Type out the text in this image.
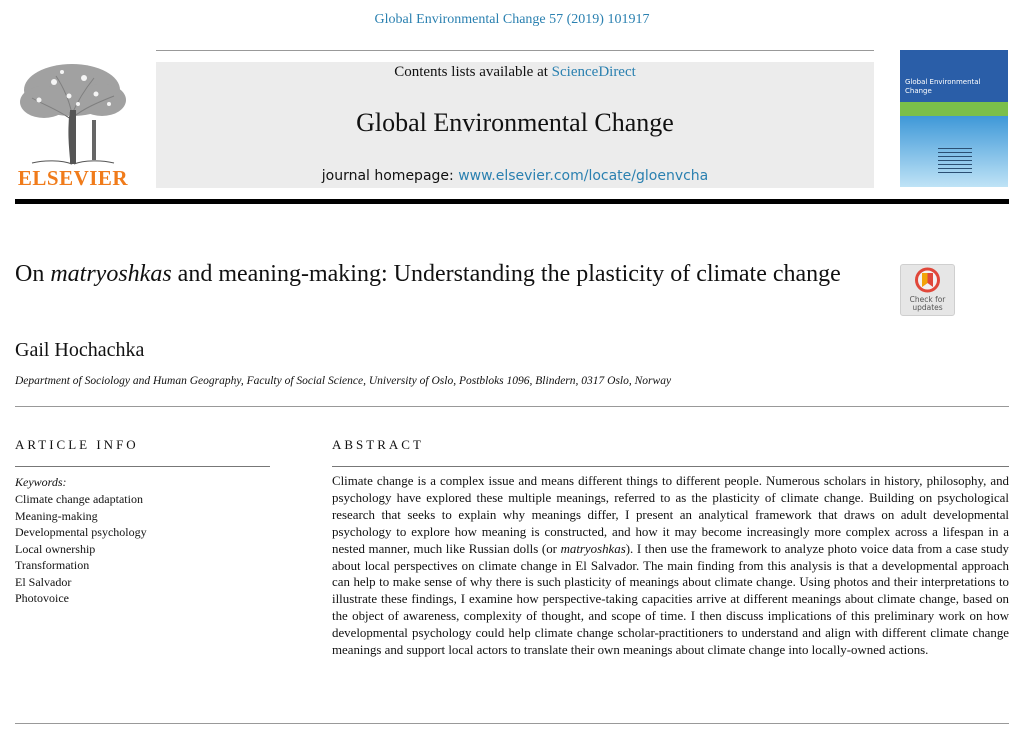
Global Environmental Change 57 (2019) 101917
ELSEVIER
Contents lists available at ScienceDirect
Global Environmental Change
journal homepage: www.elsevier.com/locate/gloenvcha
Global Environmental Change
On matryoshkas and meaning-making: Understanding the plasticity of climate change
Check for
updates
Gail Hochachka
Department of Sociology and Human Geography, Faculty of Social Science, University of Oslo, Postbloks 1096, Blindern, 0317 Oslo, Norway
ARTICLE INFO
Keywords:
Climate change adaptation
Meaning-making
Developmental psychology
Local ownership
Transformation
El Salvador
Photovoice
ABSTRACT

Climate change is a complex issue and means different things to different people. Numerous scholars in history, philosophy, and psychology have explored these multiple meanings, referred to as the plasticity of climate change. Building on psychological research that seeks to explain why meanings differ, I present an analytical framework that draws on adult developmental psychology to explore how meaning is constructed, and how it may become increasingly more complex across a lifespan in a nested manner, much like Russian dolls (or matryoshkas). I then use the framework to analyze photo voice data from a case study about local perspectives on climate change in El Salvador. The main finding from this analysis is that a developmental approach can help to make sense of why there is such plasticity of meanings about climate change. Using photos and their interpretations to illustrate these findings, I examine how perspective-taking capacities arrive at different meanings about climate change, based on the object of awareness, complexity of thought, and scope of time. I then discuss implications of this preliminary work on how developmental psychology could help climate change scholar-practitioners to understand and align with different climate change meanings and support local actors to translate their own meanings about climate change into locally-owned actions.
